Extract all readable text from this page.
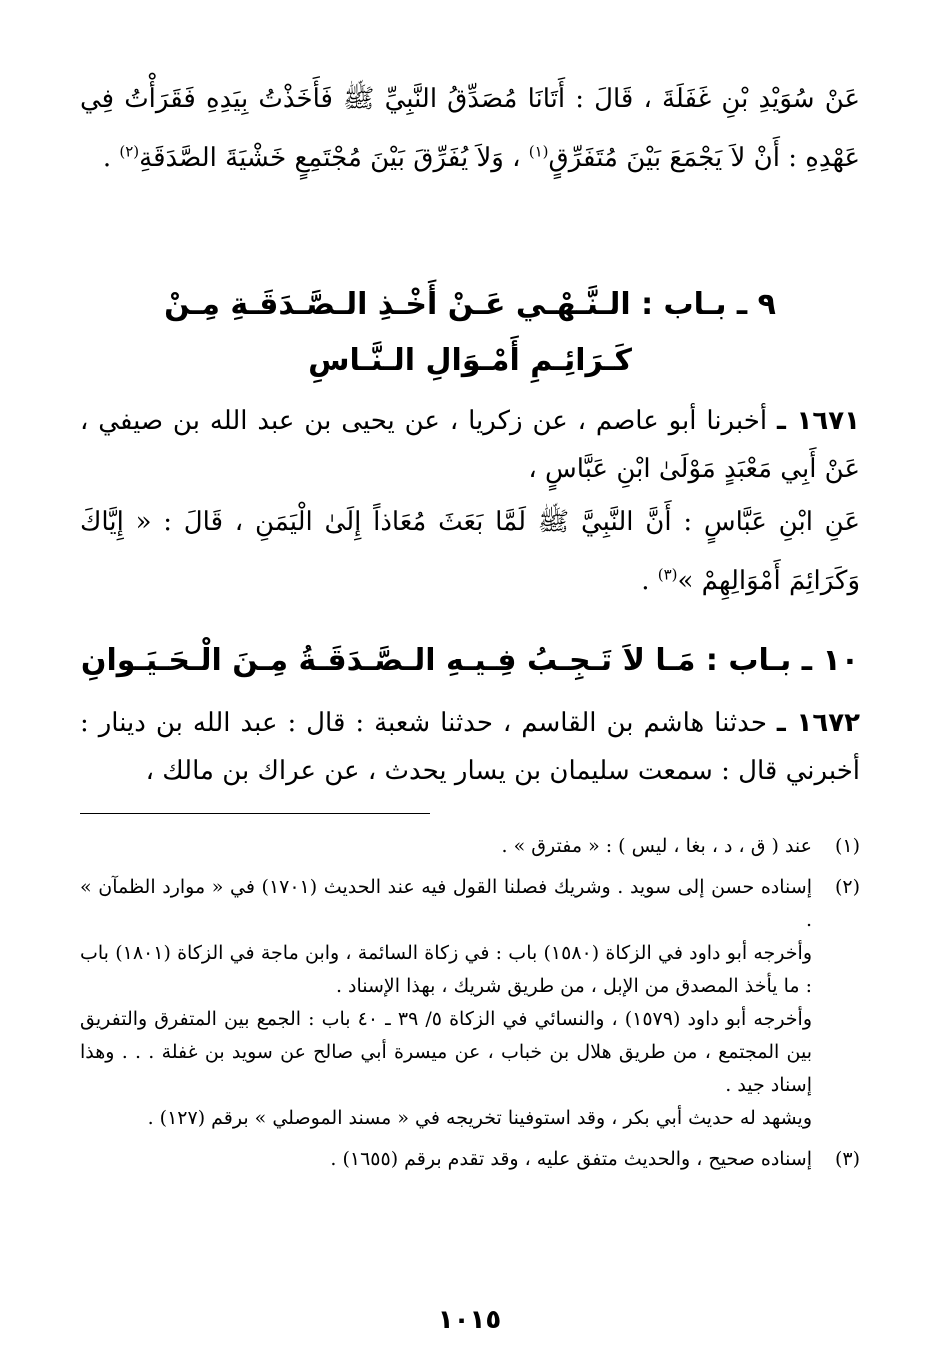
عَنْ سُوَيْدِ بْنِ غَفَلَةَ ، قَالَ : أَتَانَا مُصَدِّقُ النَّبِيِّ ﷺ فَأَخَذْتُ بِيَدِهِ فَقَرَأْتُ فِي عَهْدِهِ : أَنْ لاَ يَجْمَعَ بَيْنَ مُتَفَرِّقٍ$^{(١)}$ ، وَلاَ يُفَرِّقَ بَيْنَ مُجْتَمِعٍ خَشْيَةَ الصَّدَقَةِ$^{(٢)}$ .

٩ ـ بـاب : الـنَّـهْـي عَـنْ أَخْـذِ الـصَّـدَقَـةِ مِـنْ
كَـرَائِـمِ أَمْـوَالِ الـنَّـاسِ

١٦٧١ ـ أخبرنا أبو عاصم ، عن زكريا ، عن يحيى بن عبد الله بن صيفي ، عَنْ أَبِي مَعْبَدٍ مَوْلَىٰ ابْنِ عَبَّاسٍ ،

عَنِ ابْنِ عَبَّاسٍ : أَنَّ النَّبِيَّ ﷺ لَمَّا بَعَثَ مُعَاذاً إِلَىٰ الْيَمَنِ ، قَالَ : « إِيَّاكَ وَكَرَائِمَ أَمْوَالِهِمْ »$^{(٣)}$ .

١٠ ـ بـاب : مَـا لاَ تَـجِـبُ فِـيـهِ الـصَّـدَقَـةُ مِـنَ الْـحَـيَـوانِ

١٦٧٢ ـ حدثنا هاشم بن القاسم ، حدثنا شعبة : قال : عبد الله بن دينار : أخبرني قال : سمعت سليمان بن يسار يحدث ، عن عراك بن مالك ،

(١)

عند ( ق ، د ، بغا ، ليس ) : « مفترق » .

(٢)

إسناده حسن إلى سويد . وشريك فصلنا القول فيه عند الحديث (١٧٠١) في « موارد الظمآن » .

وأخرجه أبو داود في الزكاة (١٥٨٠) باب : في زكاة السائمة ، وابن ماجة في الزكاة (١٨٠١) باب : ما يأخذ المصدق من الإبل ، من طريق شريك ، بهذا الإسناد .

وأخرجه أبو داود (١٥٧٩) ، والنسائي في الزكاة ٥/ ٣٩ ـ ٤٠ باب : الجمع بين المتفرق والتفريق بين المجتمع ، من طريق هلال بن خباب ، عن ميسرة أبي صالح عن سويد بن غفلة . . . وهذا إسناد جيد .

ويشهد له حديث أبي بكر ، وقد استوفينا تخريجه في « مسند الموصلي » برقم (١٢٧) .

(٣)

إسناده صحيح ، والحديث متفق عليه ، وقد تقدم برقم (١٦٥٥) .

١٠١٥
